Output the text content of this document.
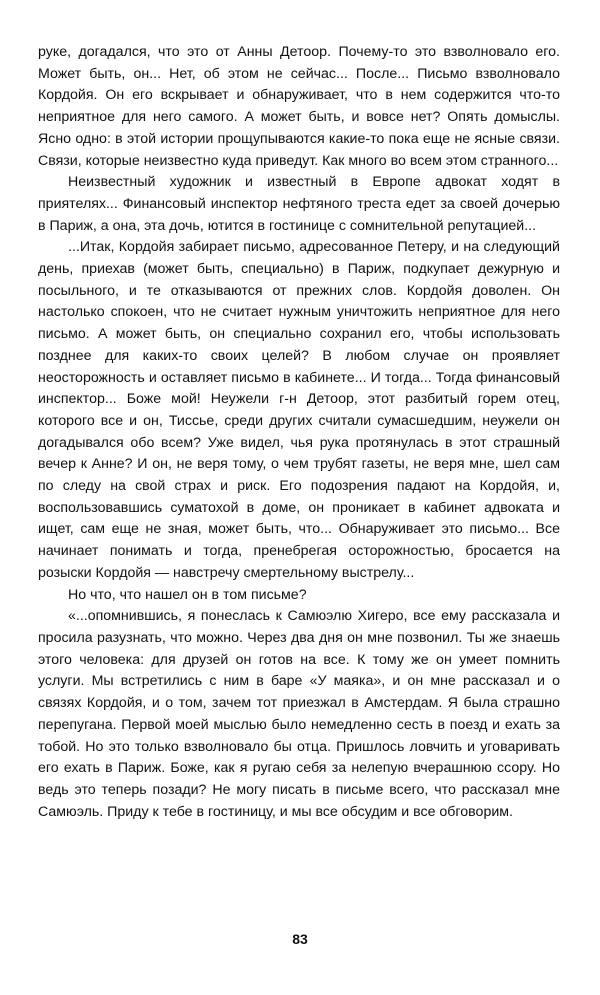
руке, догадался, что это от Анны Детоор. Почему-то это взволновало его. Может быть, он... Нет, об этом не сейчас... После... Письмо взволновало Кордойя. Он его вскрывает и обнаруживает, что в нем содержится что-то неприятное для него самого. А может быть, и вовсе нет? Опять домыслы. Ясно одно: в этой истории прощупываются какие-то пока еще не ясные связи. Связи, которые неизвестно куда приведут. Как много во всем этом странного...

Неизвестный художник и известный в Европе адвокат ходят в приятелях... Финансовый инспектор нефтяного треста едет за своей дочерью в Париж, а она, эта дочь, ютится в гостинице с сомнительной репутацией...

...Итак, Кордойя забирает письмо, адресованное Петеру, и на следующий день, приехав (может быть, специально) в Париж, подкупает дежурную и посыльного, и те отказываются от прежних слов. Кордойя доволен. Он настолько спокоен, что не считает нужным уничтожить неприятное для него письмо. А может быть, он специально сохранил его, чтобы использовать позднее для каких-то своих целей? В любом случае он проявляет неосторожность и оставляет письмо в кабинете... И тогда... Тогда финансовый инспектор... Боже мой! Неужели г-н Детоор, этот разбитый горем отец, которого все и он, Тиссье, среди других считали сумасшедшим, неужели он догадывался обо всем? Уже видел, чья рука протянулась в этот страшный вечер к Анне? И он, не веря тому, о чем трубят газеты, не веря мне, шел сам по следу на свой страх и риск. Его подозрения падают на Кордойя, и, воспользовавшись суматохой в доме, он проникает в кабинет адвоката и ищет, сам еще не зная, может быть, что... Обнаруживает это письмо... Все начинает понимать и тогда, пренебрегая осторожностью, бросается на розыски Кордойя — навстречу смертельному выстрелу...

Но что, что нашел он в том письме?

«...опомнившись, я понеслась к Самюэлю Хигеро, все ему рассказала и просила разузнать, что можно. Через два дня он мне позвонил. Ты же знаешь этого человека: для друзей он готов на все. К тому же он умеет помнить услуги. Мы встретились с ним в баре «У маяка», и он мне рассказал и о связях Кордойя, и о том, зачем тот приезжал в Амстердам. Я была страшно перепугана. Первой моей мыслью было немедленно сесть в поезд и ехать за тобой. Но это только взволновало бы отца. Пришлось ловчить и уговаривать его ехать в Париж. Боже, как я ругаю себя за нелепую вчерашнюю ссору. Но ведь это теперь позади? Не могу писать в письме всего, что рассказал мне Самюэль. Приду к тебе в гостиницу, и мы все обсудим и все обговорим.

83
